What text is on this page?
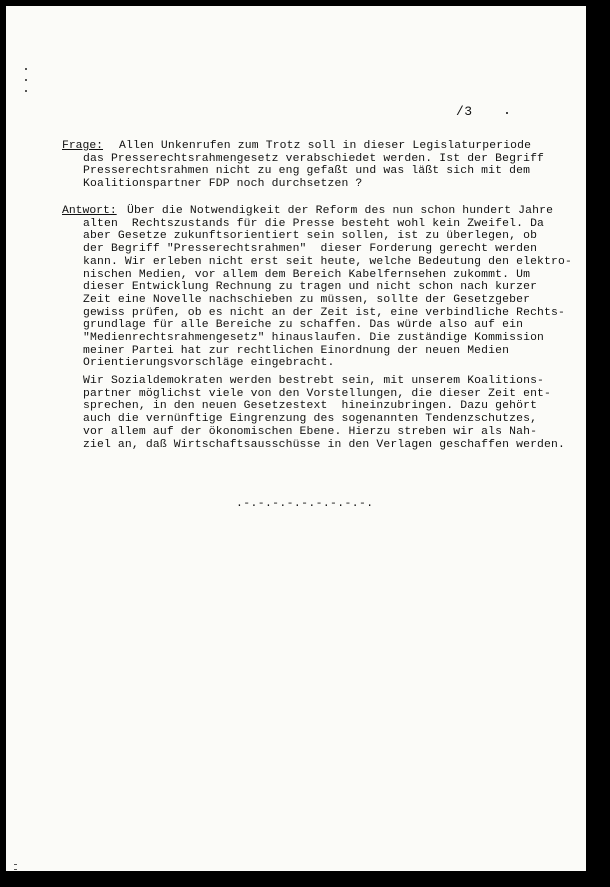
/3
Frage: Allen Unkenrufen zum Trotz soll in dieser Legislaturperiode
das Presserechtsrahmengesetz verabschiedet werden. Ist der Begriff
Presserechtsrahmen nicht zu eng gefaßt und was läßt sich mit dem
Koalitionspartner FDP noch durchsetzen ?
Antwort: Über die Notwendigkeit der Reform des nun schon hundert Jahre
alten  Rechtszustands für die Presse besteht wohl kein Zweifel. Da
aber Gesetze zukunftsorientiert sein sollen, ist zu überlegen, ob
der Begriff "Presserechtsrahmen"  dieser Forderung gerecht werden
kann. Wir erleben nicht erst seit heute, welche Bedeutung den elektro-
nischen Medien, vor allem dem Bereich Kabelfernsehen zukommt. Um
dieser Entwicklung Rechnung zu tragen und nicht schon nach kurzer
Zeit eine Novelle nachschieben zu müssen, sollte der Gesetzgeber
gewiss prüfen, ob es nicht an der Zeit ist, eine verbindliche Rechts-
grundlage für alle Bereiche zu schaffen. Das würde also auf ein
"Medienrechtsrahmengesetz" hinauslaufen. Die zuständige Kommission
meiner Partei hat zur rechtlichen Einordnung der neuen Medien
Orientierungsvorschläge eingebracht.
Wir Sozialdemokraten werden bestrebt sein, mit unserem Koalitions-
partner möglichst viele von den Vorstellungen, die dieser Zeit ent-
sprechen, in den neuen Gesetzestext  hineinzubringen. Dazu gehört
auch die vernünftige Eingrenzung des sogenannten Tendenzschutzes,
vor allem auf der ökonomischen Ebene. Hierzu streben wir als Nah-
ziel an, daß Wirtschaftsausschüsse in den Verlagen geschaffen werden.
.-.-.-.-.-.-.-.-.-.
